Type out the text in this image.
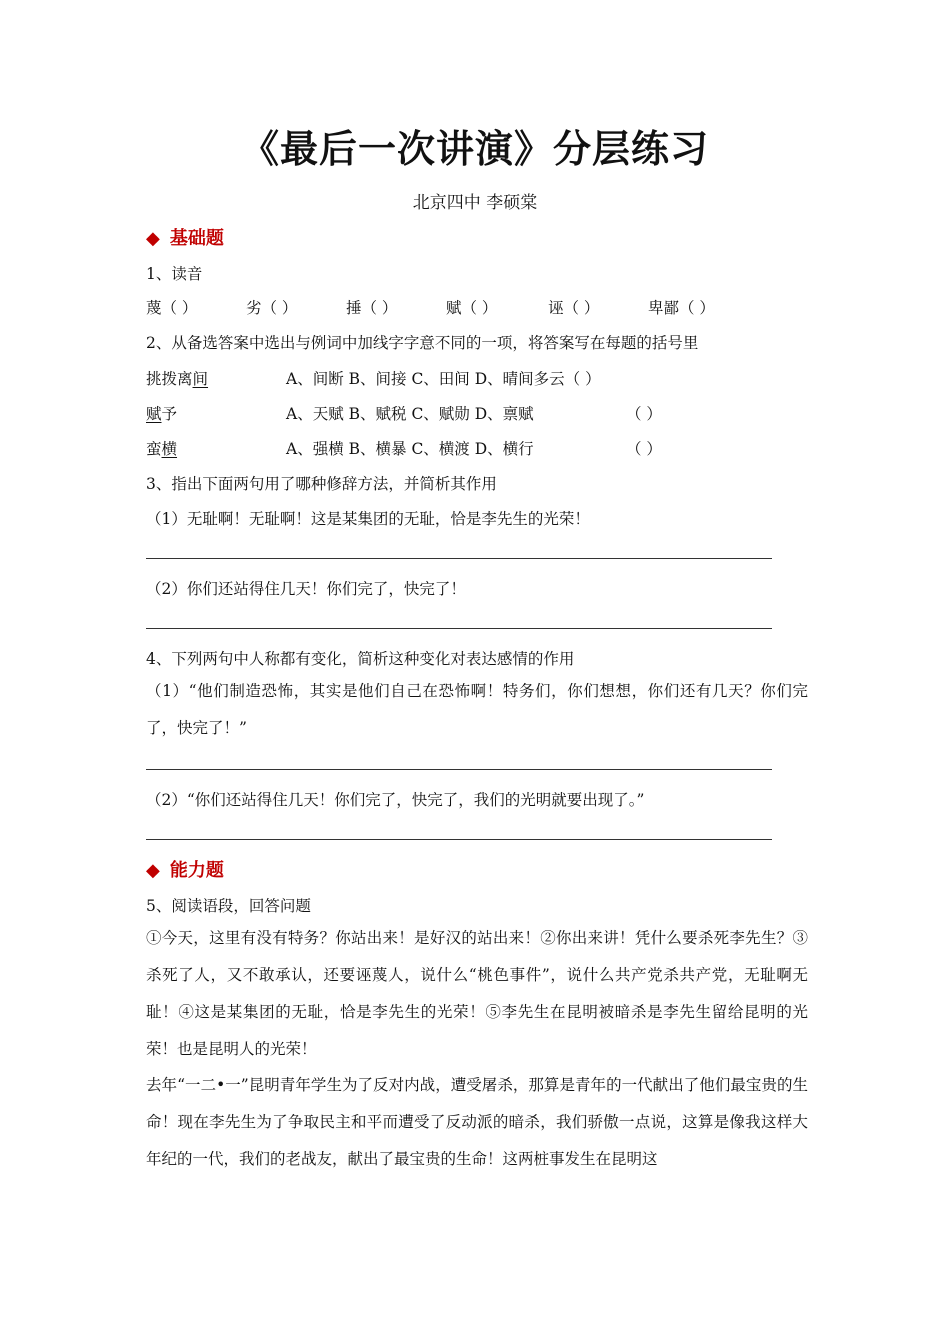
《最后一次讲演》分层练习
北京四中 李硕棠
◆ 基础题
1、读音
蔑（ ）	劣（ ）	捶（ ）	赋（ ）	诬（ ）	卑鄙（ ）
2、从备选答案中选出与例词中加线字字意不同的一项，将答案写在每题的括号里
挑拨离间	A、间断 B、间接 C、田间 D、晴间多云（ ）
赋予	A、天赋 B、赋税 C、赋勋 D、禀赋	（ ）
蛮横	A、强横 B、横暴 C、横渡 D、横行	（ ）
3、指出下面两句用了哪种修辞方法，并简析其作用
（1）无耻啊！无耻啊！这是某集团的无耻，恰是李先生的光荣！
（2）你们还站得住几天！你们完了，快完了！
4、下列两句中人称都有变化，简析这种变化对表达感情的作用
（1）“他们制造恐怖，其实是他们自己在恐怖啊！特务们，你们想想，你们还有几天？你们完了，快完了！”
（2）“你们还站得住几天！你们完了，快完了，我们的光明就要出现了。”
◆ 能力题
5、阅读语段，回答问题
①今天，这里有没有特务？你站出来！是好汉的站出来！②你出来讲！凭什么要杀死李先生？③杀死了人，又不敢承认，还要诬蔑人，说什么“桃色事件”，说什么共产党杀共产党，无耻啊无耻！④这是某集团的无耻，恰是李先生的光荣！⑤李先生在昆明被暗杀是李先生留给昆明的光荣！也是昆明人的光荣！
去年“一二•一”昆明青年学生为了反对内战，遭受屠杀，那算是青年的一代献出了他们最宝贵的生命！现在李先生为了争取民主和平而遭受了反动派的暗杀，我们骄傲一点说，这算是像我这样大年纪的一代，我们的老战友，献出了最宝贵的生命！这两桩事发生在昆明这
